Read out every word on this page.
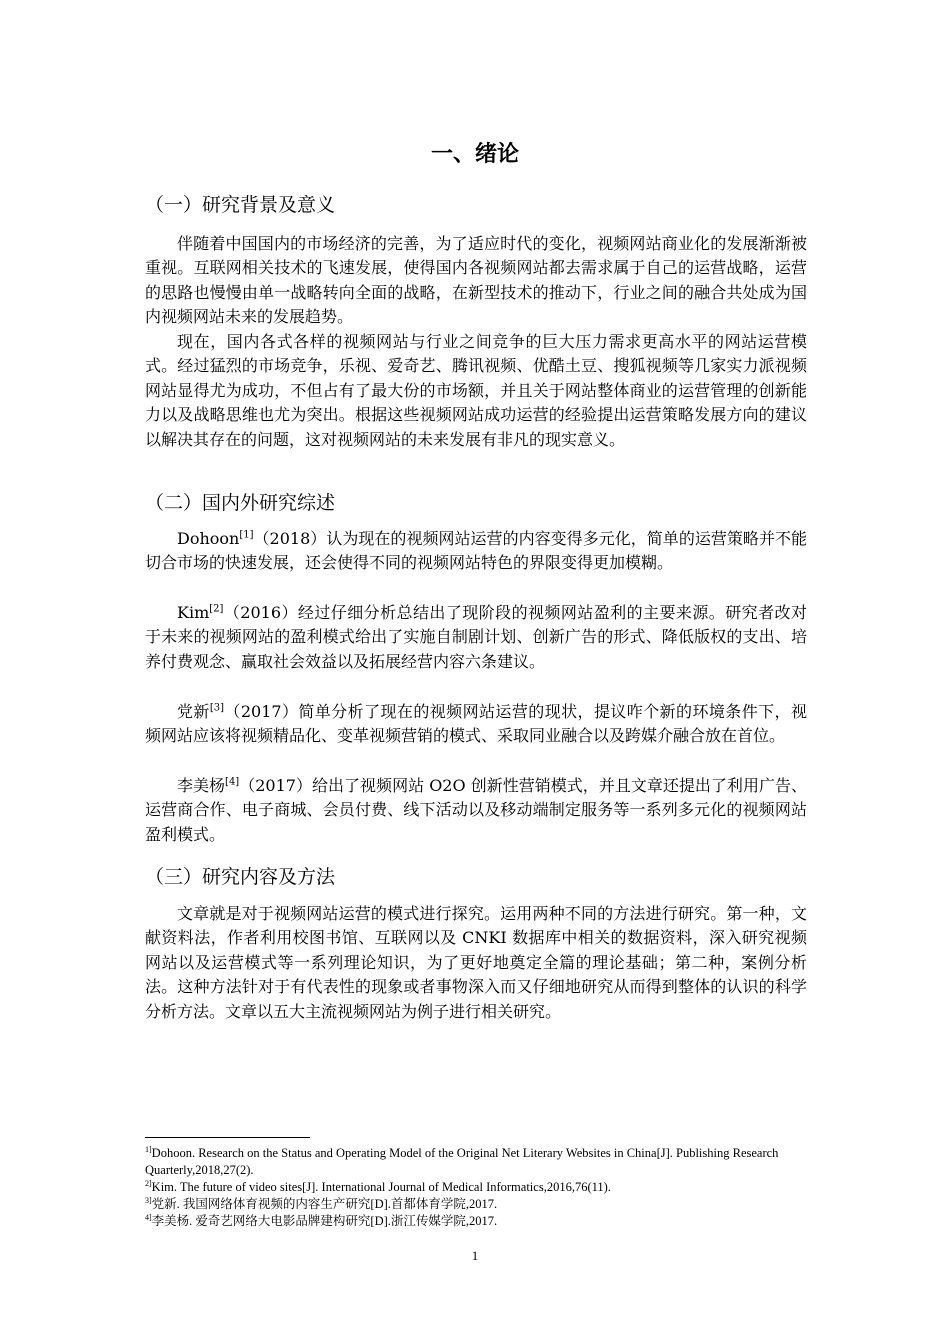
一、绪论
（一）研究背景及意义

伴随着中国国内的市场经济的完善，为了适应时代的变化，视频网站商业化的发展渐渐被重视。互联网相关技术的飞速发展，使得国内各视频网站都去需求属于自己的运营战略，运营的思路也慢慢由单一战略转向全面的战略，在新型技术的推动下，行业之间的融合共处成为国内视频网站未来的发展趋势。

现在，国内各式各样的视频网站与行业之间竞争的巨大压力需求更高水平的网站运营模式。经过猛烈的市场竞争，乐视、爱奇艺、腾讯视频、优酷土豆、搜狐视频等几家实力派视频网站显得尤为成功，不但占有了最大份的市场额，并且关于网站整体商业的运营管理的创新能力以及战略思维也尤为突出。根据这些视频网站成功运营的经验提出运营策略发展方向的建议以解决其存在的问题，这对视频网站的未来发展有非凡的现实意义。

（二）国内外研究综述

Dohoon[1]（2018）认为现在的视频网站运营的内容变得多元化，简单的运营策略并不能切合市场的快速发展，还会使得不同的视频网站特色的界限变得更加模糊。

Kim[2]（2016）经过仔细分析总结出了现阶段的视频网站盈利的主要来源。研究者改对于未来的视频网站的盈利模式给出了实施自制剧计划、创新广告的形式、降低版权的支出、培养付费观念、赢取社会效益以及拓展经营内容六条建议。

党新[3]（2017）简单分析了现在的视频网站运营的现状，提议咋个新的环境条件下，视频网站应该将视频精品化、变革视频营销的模式、采取同业融合以及跨媒介融合放在首位。

李美杨[4]（2017）给出了视频网站 O2O 创新性营销模式，并且文章还提出了利用广告、运营商合作、电子商城、会员付费、线下活动以及移动端制定服务等一系列多元化的视频网站盈利模式。

（三）研究内容及方法

文章就是对于视频网站运营的模式进行探究。运用两种不同的方法进行研究。第一种，文献资料法，作者利用校图书馆、互联网以及 CNKI 数据库中相关的数据资料，深入研究视频网站以及运营模式等一系列理论知识，为了更好地奠定全篇的理论基础；第二种，案例分析法。这种方法针对于有代表性的现象或者事物深入而又仔细地研究从而得到整体的认识的科学分析方法。文章以五大主流视频网站为例子进行相关研究。

$^{1]}$Dohoon. Research on the Status and Operating Model of the Original Net Literary Websites in China[J]. Publishing Research Quarterly,2018,27(2).
$^{2]}$Kim. The future of video sites[J]. International Journal of Medical Informatics,2016,76(11).
$^{3]}$党新. 我国网络体育视频的内容生产研究[D].首都体育学院,2017.
$^{4]}$李美杨. 爱奇艺网络大电影品牌建构研究[D].浙江传媒学院,2017.
1
